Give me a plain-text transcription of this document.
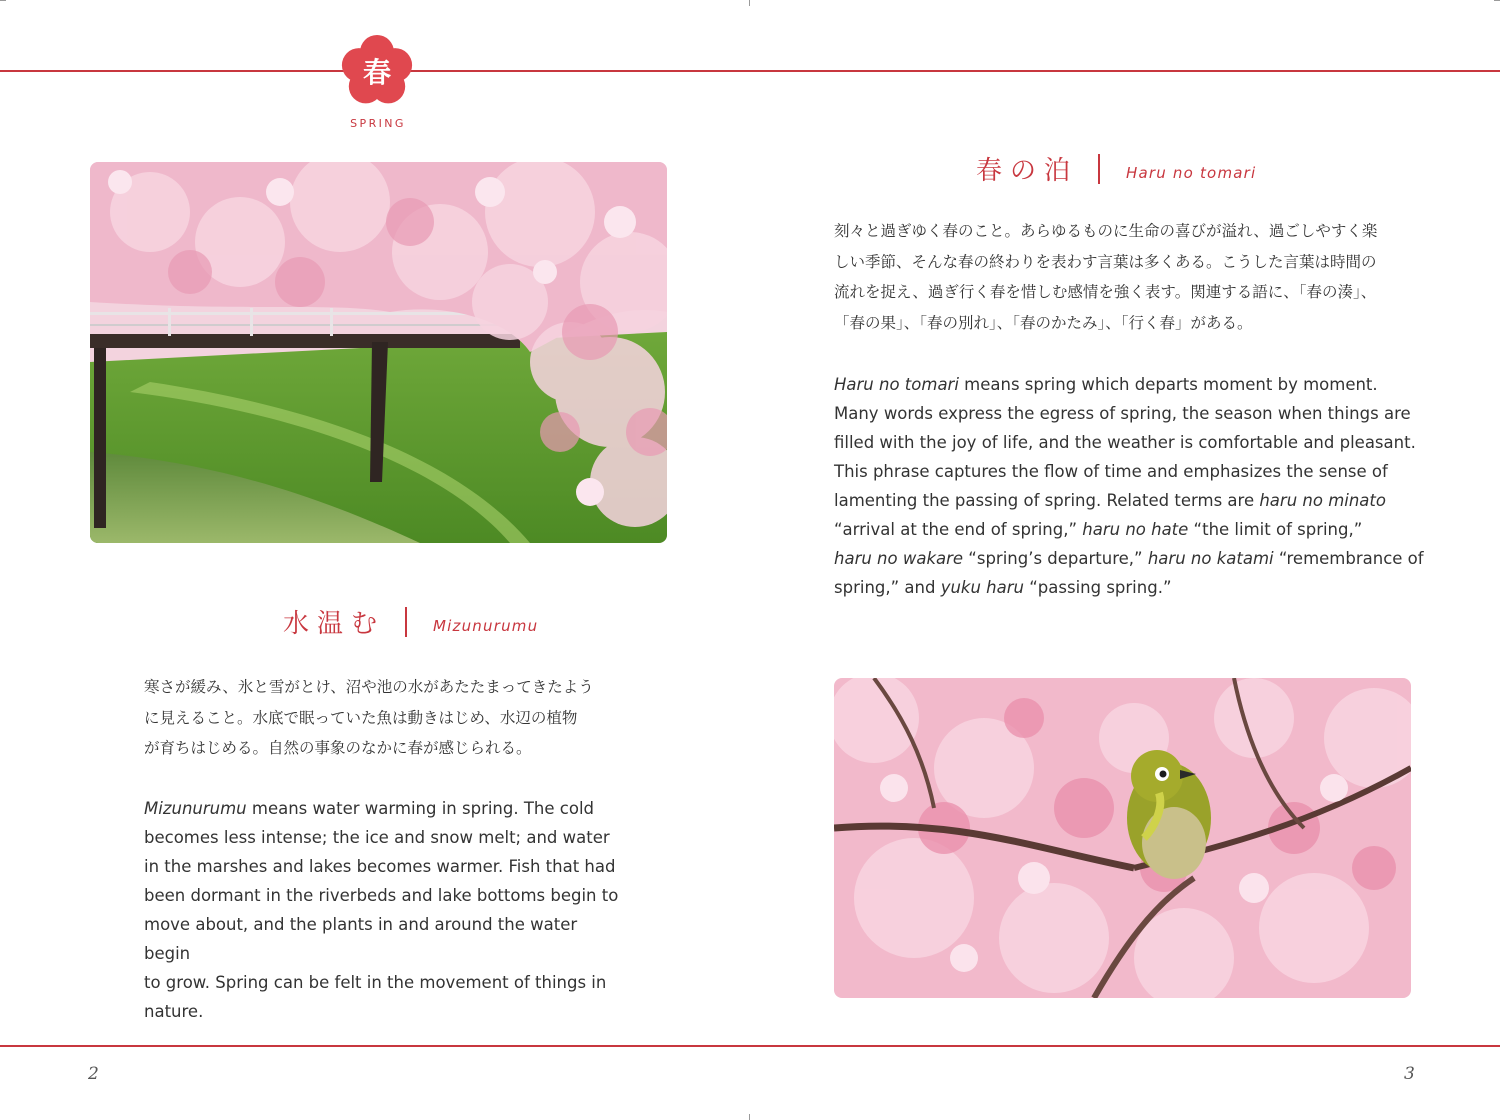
春
SPRING
水温む	Mizunurumu
寒さが緩み、氷と雪がとけ、沼や池の水があたたまってきたよう
に見えること。水底で眠っていた魚は動きはじめ、水辺の植物
が育ちはじめる。自然の事象のなかに春が感じられる。
Mizunurumu means water warming in spring. The cold
becomes less intense; the ice and snow melt; and water
in the marshes and lakes becomes warmer. Fish that had
been dormant in the riverbeds and lake bottoms begin to
move about, and the plants in and around the water begin
to grow. Spring can be felt in the movement of things in
nature.
2
春の泊	Haru no tomari
刻々と過ぎゆく春のこと。あらゆるものに生命の喜びが溢れ、過ごしやすく楽
しい季節、そんな春の終わりを表わす言葉は多くある。こうした言葉は時間の
流れを捉え、過ぎ行く春を惜しむ感情を強く表す。関連する語に、「春の湊」、
「春の果」、「春の別れ」、「春のかたみ」、「行く春」がある。
Haru no tomari means spring which departs moment by moment.
Many words express the egress of spring, the season when things are
filled with the joy of life, and the weather is comfortable and pleasant.
This phrase captures the flow of time and emphasizes the sense of
lamenting the passing of spring. Related terms are haru no minato
“arrival at the end of spring,” haru no hate “the limit of spring,”
haru no wakare “spring’s departure,” haru no katami “remembrance of
spring,” and yuku haru “passing spring.”
3
